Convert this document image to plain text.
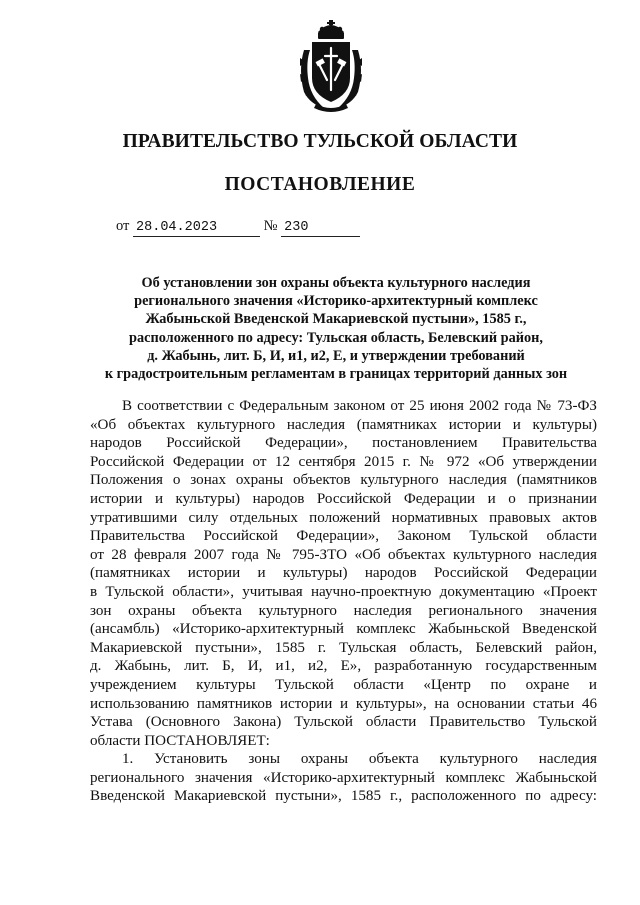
ПРАВИТЕЛЬСТВО ТУЛЬСКОЙ ОБЛАСТИ
ПОСТАНОВЛЕНИЕ
от 28.04.2023	№ 230
Об установлении зон охраны объекта культурного наследия
регионального значения «Историко-архитектурный комплекс
Жабыньской Введенской Макариевской пустыни», 1585 г.,
расположенного по адресу: Тульская область, Белевский район,
д. Жабынь, лит. Б, И, и1, и2, Е, и утверждении требований
к градостроительным регламентам в границах территорий данных зон
В соответствии с Федеральным законом от 25 июня 2002 года № 73-ФЗ
«Об объектах культурного наследия (памятниках истории и культуры)
народов Российской Федерации», постановлением Правительства
Российской Федерации от 12 сентября 2015 г. № 972 «Об утверждении
Положения о зонах охраны объектов культурного наследия (памятников
истории и культуры) народов Российской Федерации и о признании
утратившими силу отдельных положений нормативных правовых актов
Правительства Российской Федерации», Законом Тульской области
от 28 февраля 2007 года № 795-ЗТО «Об объектах культурного наследия
(памятниках истории и культуры) народов Российской Федерации
в Тульской области», учитывая научно-проектную документацию «Проект
зон охраны объекта культурного наследия регионального значения
(ансамбль) «Историко-архитектурный комплекс Жабыньской Введенской
Макариевской пустыни», 1585 г. Тульская область, Белевский район,
д. Жабынь, лит. Б, И, и1, и2, Е», разработанную государственным
учреждением культуры Тульской области «Центр по охране и
использованию памятников истории и культуры», на основании статьи 46
Устава (Основного Закона) Тульской области Правительство Тульской
области ПОСТАНОВЛЯЕТ:
1. Установить зоны охраны объекта культурного наследия
регионального значения «Историко-архитектурный комплекс Жабыньской
Введенской Макариевской пустыни», 1585 г., расположенного по адресу:
